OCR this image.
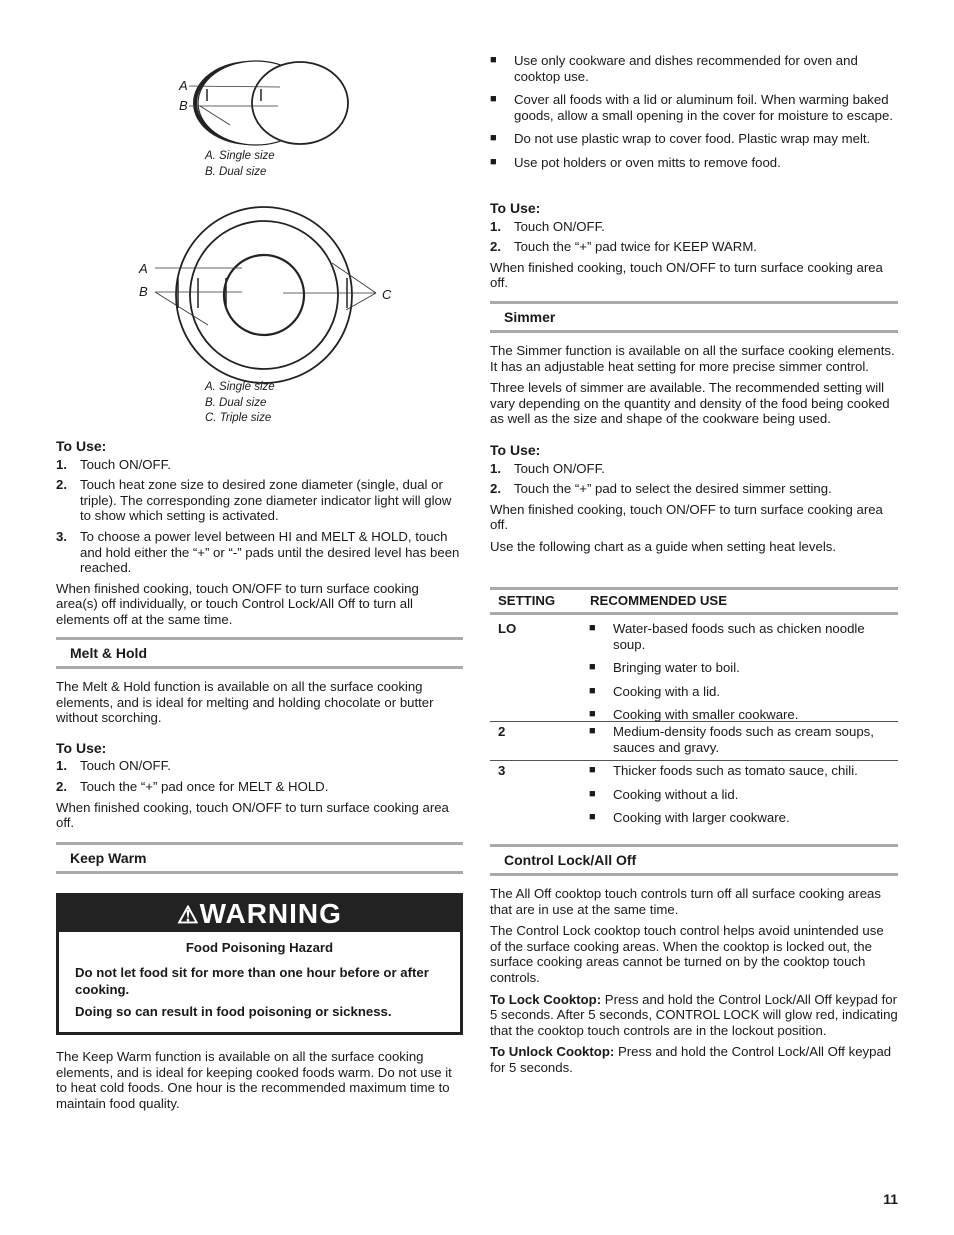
A
B
A. Single size
B. Dual size
A
B	C
A. Single size
B. Dual size
C. Triple size

To Use:

1. Touch ON/OFF.
2. Touch heat zone size to desired zone diameter (single, dual or triple). The corresponding zone diameter indicator light will glow to show which setting is activated.
3. To choose a power level between HI and MELT & HOLD, touch and hold either the “+” or “-” pads until the desired level has been reached.

When finished cooking, touch ON/OFF to turn surface cooking area(s) off individually, or touch Control Lock/All Off to turn all elements off at the same time.

Melt & Hold

The Melt & Hold function is available on all the surface cooking elements, and is ideal for melting and holding chocolate or butter without scorching.

To Use:

1. Touch ON/OFF.
2. Touch the “+” pad once for MELT & HOLD.

When finished cooking, touch ON/OFF to turn surface cooking area off.

Keep Warm
⚠WARNING

Food Poisoning Hazard

Do not let food sit for more than one hour before or after cooking.

Doing so can result in food poisoning or sickness.

The Keep Warm function is available on all the surface cooking elements, and is ideal for keeping cooked foods warm. Do not use it to heat cold foods. One hour is the recommended maximum time to maintain food quality.

■ Use only cookware and dishes recommended for oven and cooktop use.
■ Cover all foods with a lid or aluminum foil. When warming baked goods, allow a small opening in the cover for moisture to escape.
■ Do not use plastic wrap to cover food. Plastic wrap may melt.
■ Use pot holders or oven mitts to remove food.

To Use:

1. Touch ON/OFF.
2. Touch the “+” pad twice for KEEP WARM.

When finished cooking, touch ON/OFF to turn surface cooking area off.

Simmer

The Simmer function is available on all the surface cooking elements. It has an adjustable heat setting for more precise simmer control.

Three levels of simmer are available. The recommended setting will vary depending on the quantity and density of the food being cooked as well as the size and shape of the cookware being used.

To Use:

1. Touch ON/OFF.
2. Touch the “+” pad to select the desired simmer setting.

When finished cooking, touch ON/OFF to turn surface cooking area off.

Use the following chart as a guide when setting heat levels.

SETTING	RECOMMENDED USE
LO	■ Water-based foods such as chicken noodle soup.
■ Bringing water to boil.
■ Cooking with a lid.
■ Cooking with smaller cookware.
2	■ Medium-density foods such as cream soups, sauces and gravy.
3	■ Thicker foods such as tomato sauce, chili.
■ Cooking without a lid.
■ Cooking with larger cookware.
Control Lock/All Off

The All Off cooktop touch controls turn off all surface cooking areas that are in use at the same time.

The Control Lock cooktop touch control helps avoid unintended use of the surface cooking areas. When the cooktop is locked out, the surface cooking areas cannot be turned on by the cooktop touch controls.

To Lock Cooktop: Press and hold the Control Lock/All Off keypad for 5 seconds. After 5 seconds, CONTROL LOCK will glow red, indicating that the cooktop touch controls are in the lockout position.

To Unlock Cooktop: Press and hold the Control Lock/All Off keypad for 5 seconds.

11
